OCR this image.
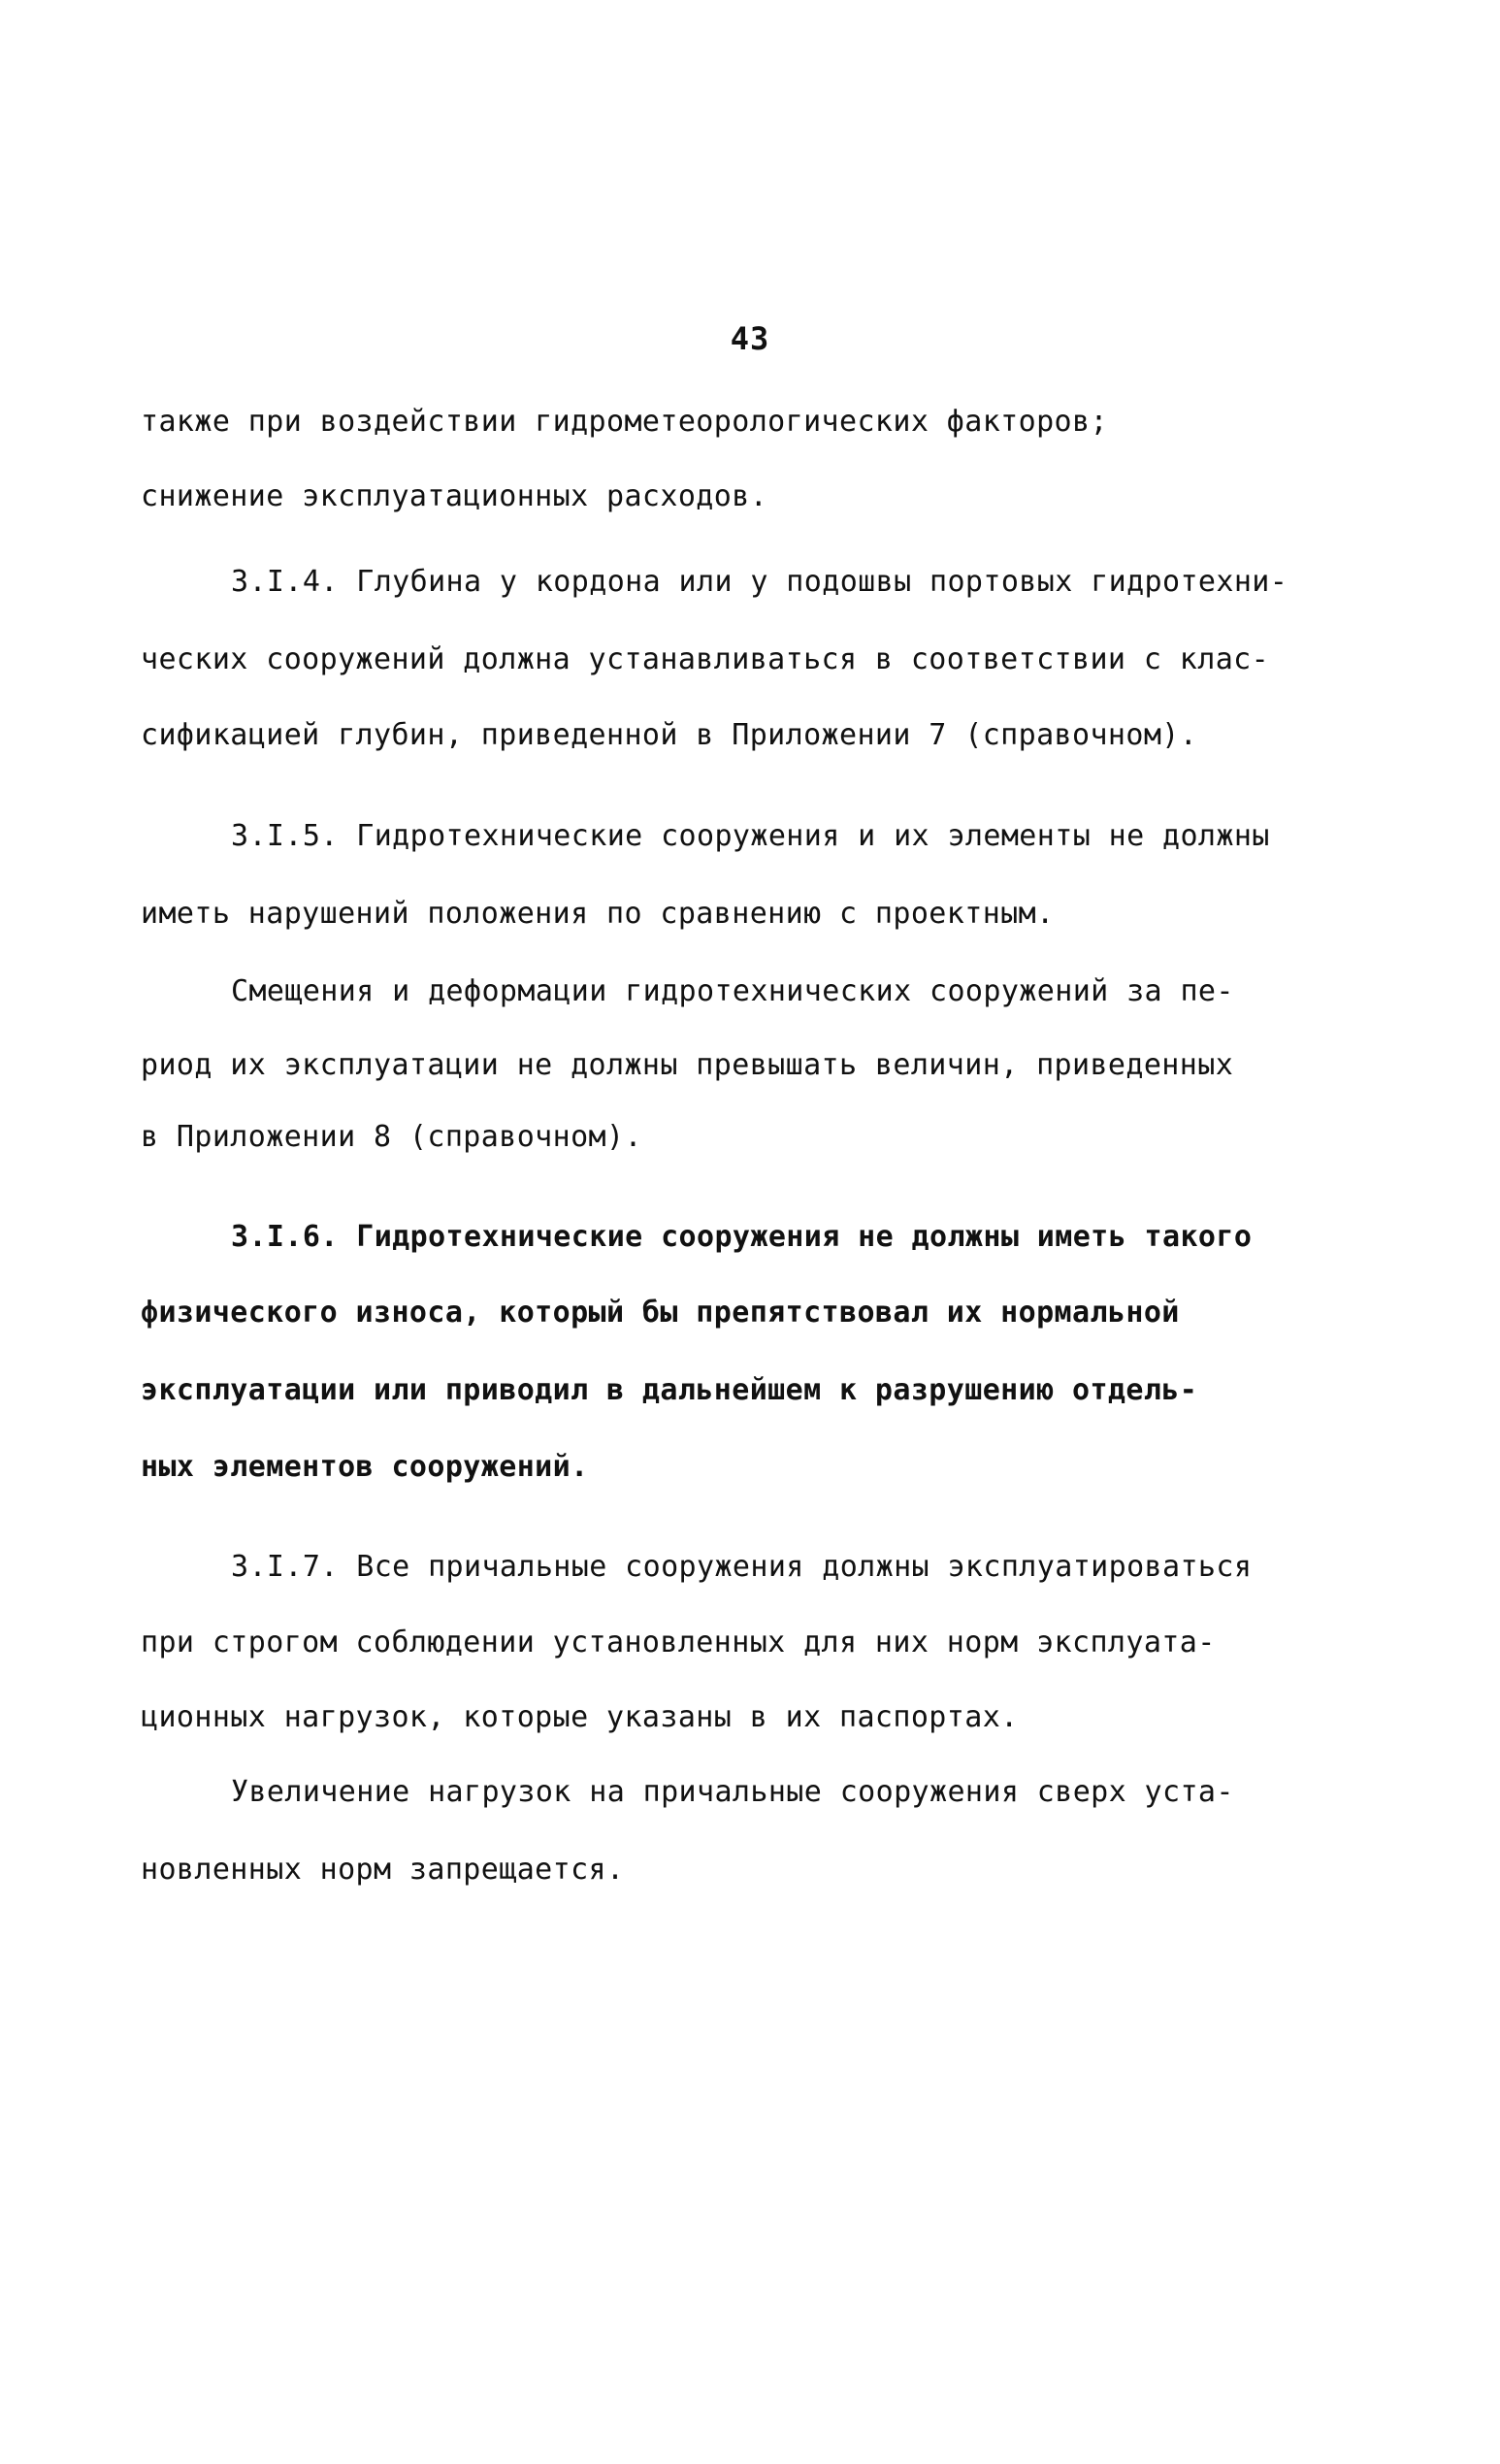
43
также при воздействии гидрометеорологических факторов;
снижение эксплуатационных расходов.
3.I.4. Глубина у кордона или у подошвы портовых гидротехни-
ческих сооружений должна устанавливаться в соответствии с клас-
сификацией глубин, приведенной в Приложении 7 (справочном).
3.I.5. Гидротехнические сооружения и их элементы не должны
иметь нарушений положения по сравнению с проектным.
Смещения и деформации гидротехнических сооружений за пе-
риод их эксплуатации не должны превышать величин, приведенных
в Приложении 8 (справочном).
3.I.6. Гидротехнические сооружения не должны иметь такого
физического износа, который бы препятствовал их нормальной
эксплуатации или приводил в дальнейшем к разрушению отдель-
ных элементов сооружений.
3.I.7. Все причальные сооружения должны эксплуатироваться
при строгом соблюдении установленных для них норм эксплуата-
ционных нагрузок, которые указаны в их паспортах.
Увеличение нагрузок на причальные сооружения сверх уста-
новленных норм запрещается.
